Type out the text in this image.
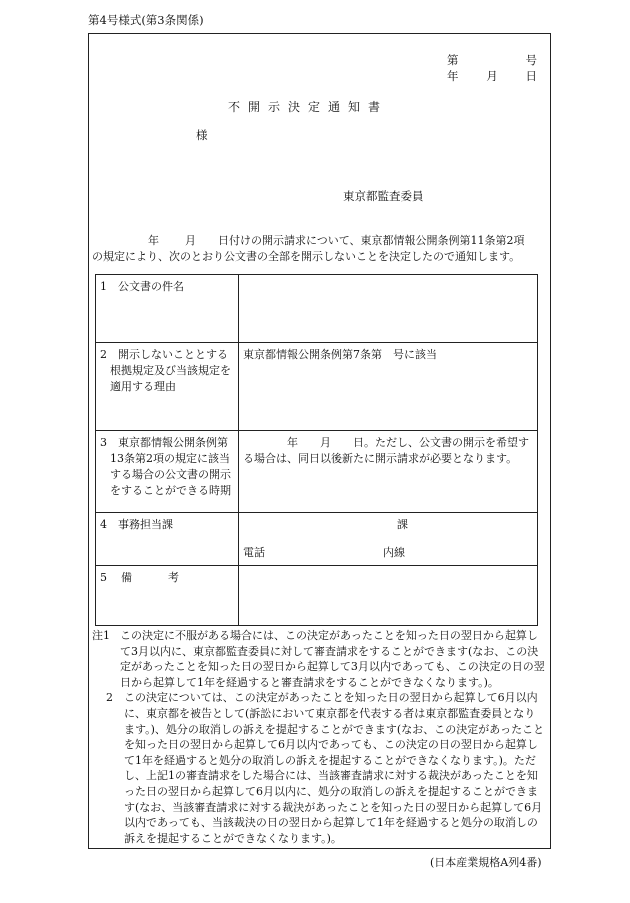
第4号様式(第3条関係)
第	号
年 月 日
不開示決定通知書
様
東京都監査委員
年 月 日付けの開示請求について、東京都情報公開条例第11条第2項
の規定により、次のとおり公文書の全部を開示しないことを決定したので通知します。
1　公文書の件名	

2　開示しないこととする根拠規定及び当該規定を適用する理由	東京都情報公開条例第7条第　号に該当

3　東京都情報公開条例第13条第2項の規定に該当する場合の公文書の開示をすることができる時期	年　　月　　日。ただし、公文書の開示を希望する場合は、同日以後新たに開示請求が必要となります。
4　事務担当課	課
電話 内線

5 備 考	
注1 この決定に不服がある場合には、この決定があったことを知った日の翌日から起算して3月以内に、東京都監査委員に対して審査請求をすることができます(なお、この決定があったことを知った日の翌日から起算して3月以内であっても、この決定の日の翌日から起算して1年を経過すると審査請求をすることができなくなります。)。
2	この決定については、この決定があったことを知った日の翌日から起算して6月以内に、東京都を被告として(訴訟において東京都を代表する者は東京都監査委員となります。)、処分の取消しの訴えを提起することができます(なお、この決定があったことを知った日の翌日から起算して6月以内であっても、この決定の日の翌日から起算して1年を経過すると処分の取消しの訴えを提起することができなくなります。)。ただし、上記1の審査請求をした場合には、当該審査請求に対する裁決があったことを知った日の翌日から起算して6月以内に、処分の取消しの訴えを提起することができます(なお、当該審査請求に対する裁決があったことを知った日の翌日から起算して6月以内であっても、当該裁決の日の翌日から起算して1年を経過すると処分の取消しの訴えを提起することができなくなります。)。
(日本産業規格A列4番)
